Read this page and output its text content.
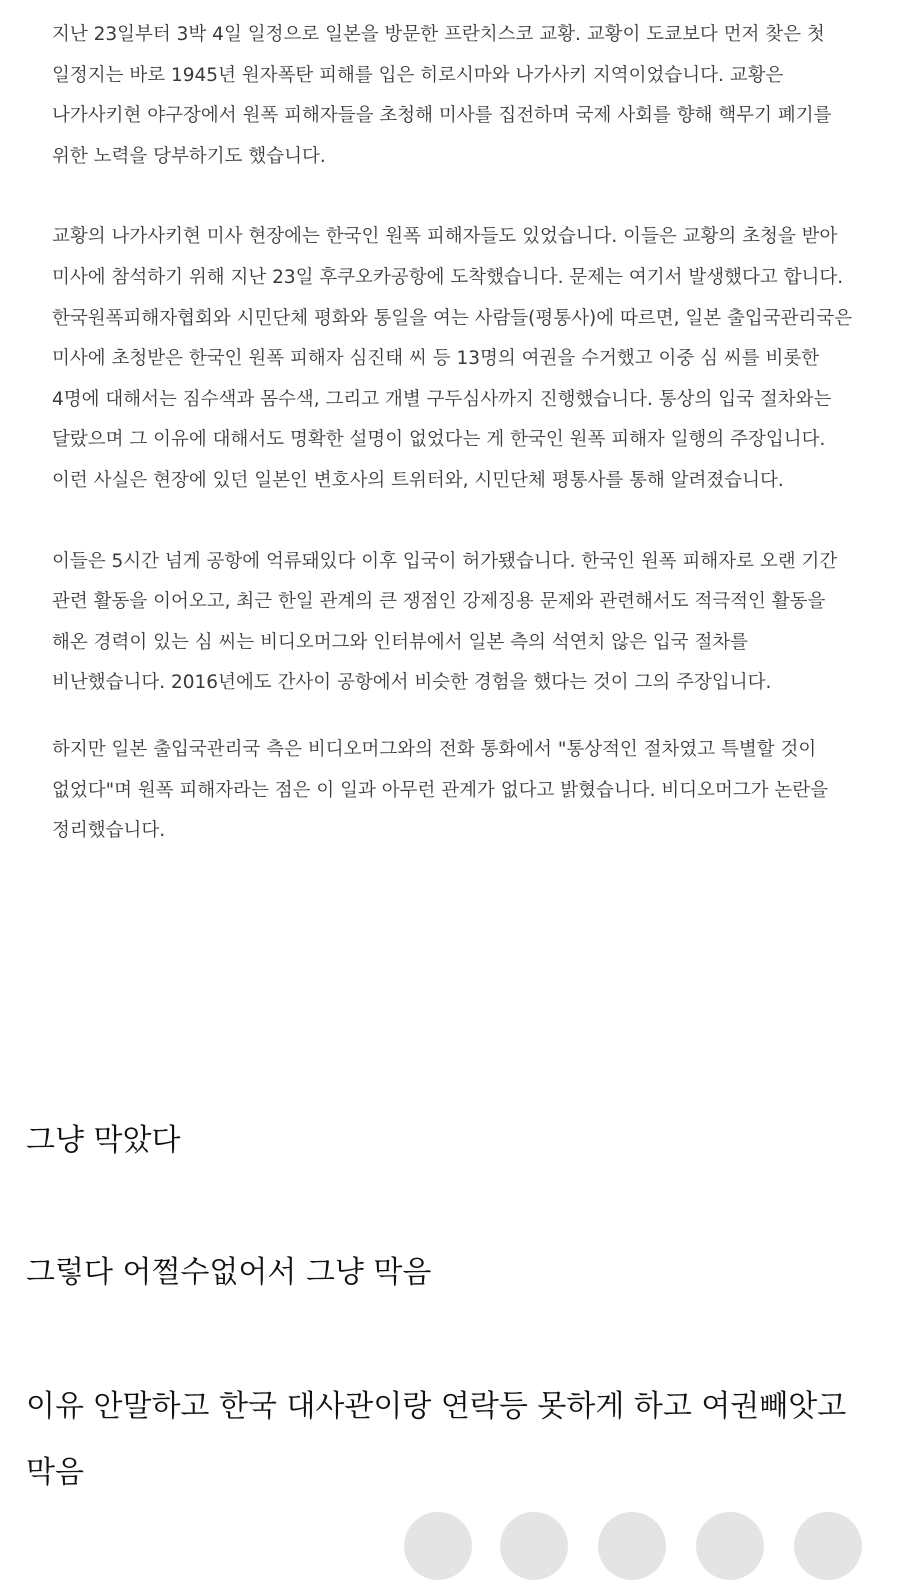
지난 23일부터 3박 4일 일정으로 일본을 방문한 프란치스코 교황. 교황이 도쿄보다 먼저 찾은 첫 일정지는 바로 1945년 원자폭탄 피해를 입은 히로시마와 나가사키 지역이었습니다. 교황은 나가사키현 야구장에서 원폭 피해자들을 초청해 미사를 집전하며 국제 사회를 향해 핵무기 폐기를 위한 노력을 당부하기도 했습니다.

교황의 나가사키현 미사 현장에는 한국인 원폭 피해자들도 있었습니다. 이들은 교황의 초청을 받아 미사에 참석하기 위해 지난 23일 후쿠오카공항에 도착했습니다. 문제는 여기서 발생했다고 합니다. 한국원폭피해자협회와 시민단체 평화와 통일을 여는 사람들(평통사)에 따르면, 일본 출입국관리국은 미사에 초청받은 한국인 원폭 피해자 심진태 씨 등 13명의 여권을 수거했고 이중 심 씨를 비롯한 4명에 대해서는 짐수색과 몸수색, 그리고 개별 구두심사까지 진행했습니다. 통상의 입국 절차와는 달랐으며 그 이유에 대해서도 명확한 설명이 없었다는 게 한국인 원폭 피해자 일행의 주장입니다. 이런 사실은 현장에 있던 일본인 변호사의 트위터와, 시민단체 평통사를 통해 알려졌습니다.

이들은 5시간 넘게 공항에 억류돼있다 이후 입국이 허가됐습니다. 한국인 원폭 피해자로 오랜 기간 관련 활동을 이어오고, 최근 한일 관계의 큰 쟁점인 강제징용 문제와 관련해서도 적극적인 활동을 해온 경력이 있는 심 씨는 비디오머그와 인터뷰에서 일본 측의 석연치 않은 입국 절차를 비난했습니다. 2016년에도 간사이 공항에서 비슷한 경험을 했다는 것이 그의 주장입니다.

하지만 일본 출입국관리국 측은 비디오머그와의 전화 통화에서 "통상적인 절차였고 특별할 것이 없었다"며 원폭 피해자라는 점은 이 일과 아무런 관계가 없다고 밝혔습니다. 비디오머그가 논란을 정리했습니다.

그냥 막았다

그렇다 어쩔수없어서 그냥 막음

이유 안말하고 한국 대사관이랑 연락등 못하게 하고 여권빼앗고 막음
